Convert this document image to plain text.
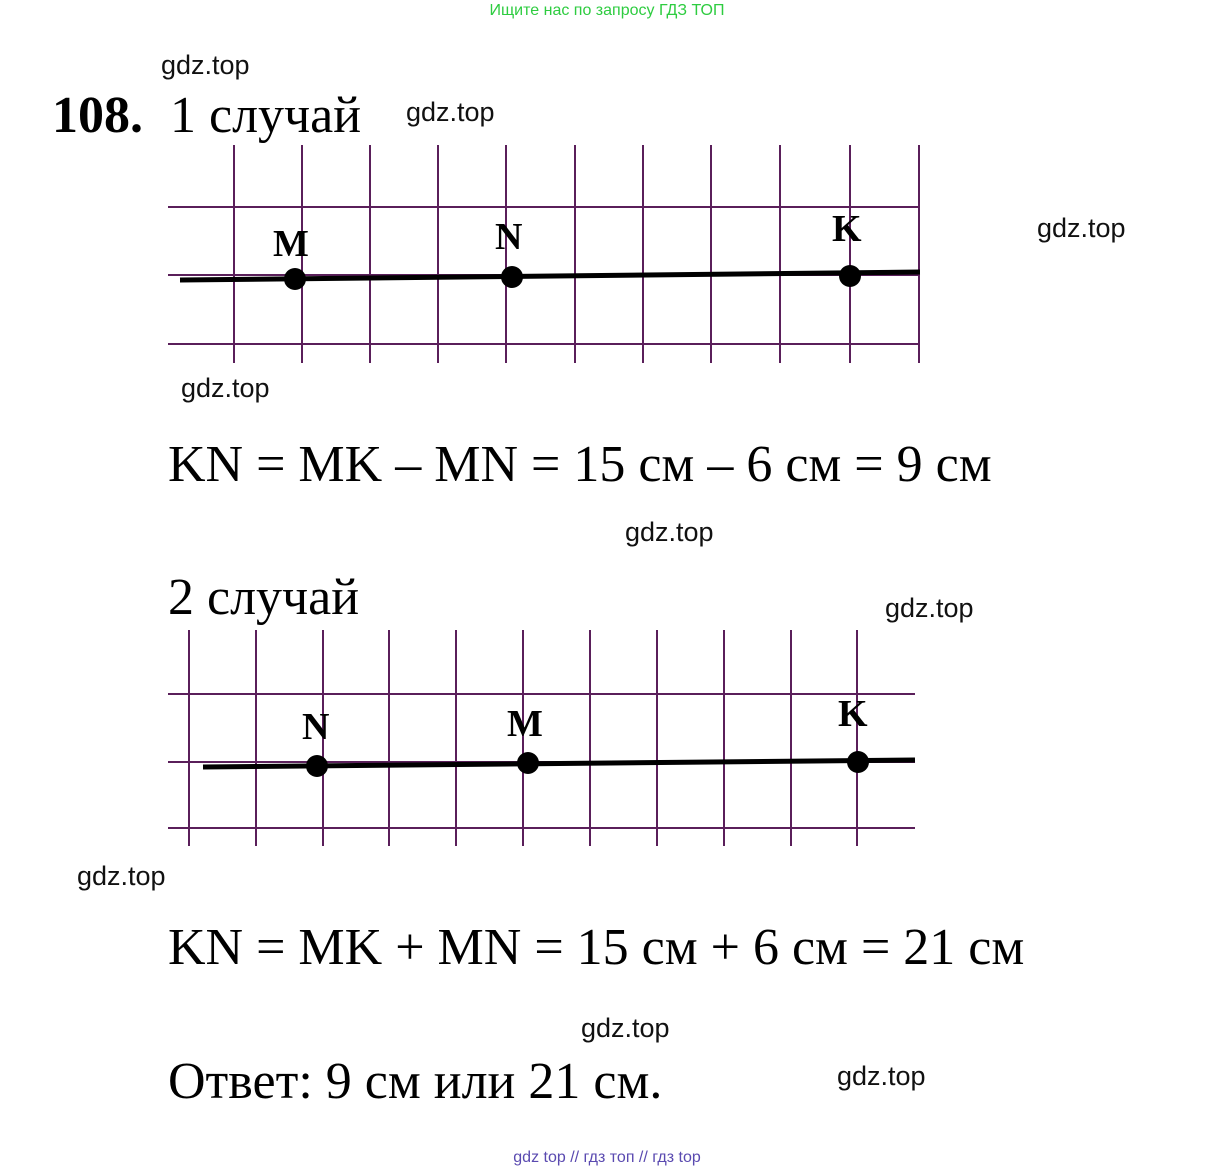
Ищите нас по запросу ГДЗ ТОП
gdz.top
108. 1 случай gdz.top
M	N	K	gdz.top
gdz.top
KN = MK – MN = 15 см – 6 см = 9 см
gdz.top
2 случай	gdz.top
N	M	K
gdz.top
KN = MK + MN = 15 см + 6 см = 21 см
gdz.top
Ответ: 9 см или 21 см.	gdz.top
gdz top // гдз топ // гдз top
